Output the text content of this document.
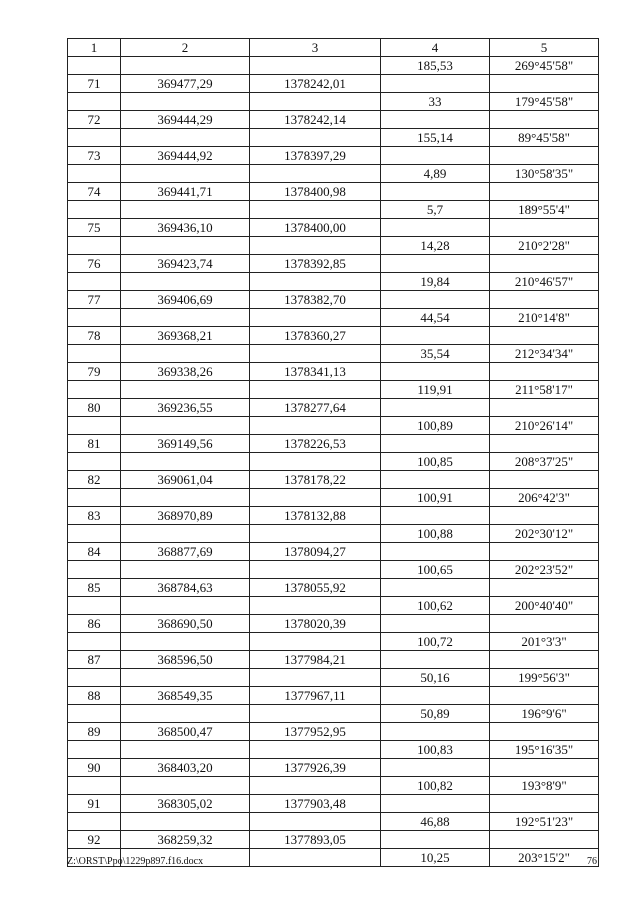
1	2	3	4	5
			185,53	269°45'58"
71	369477,29	1378242,01		
			33	179°45'58"
72	369444,29	1378242,14		
			155,14	89°45'58"
73	369444,92	1378397,29		
			4,89	130°58'35"
74	369441,71	1378400,98		
			5,7	189°55'4"
75	369436,10	1378400,00		
			14,28	210°2'28"
76	369423,74	1378392,85		
			19,84	210°46'57"
77	369406,69	1378382,70		
			44,54	210°14'8"
78	369368,21	1378360,27		
			35,54	212°34'34"
79	369338,26	1378341,13		
			119,91	211°58'17"
80	369236,55	1378277,64		
			100,89	210°26'14"
81	369149,56	1378226,53		
			100,85	208°37'25"
82	369061,04	1378178,22		
			100,91	206°42'3"
83	368970,89	1378132,88		
			100,88	202°30'12"
84	368877,69	1378094,27		
			100,65	202°23'52"
85	368784,63	1378055,92		
			100,62	200°40'40"
86	368690,50	1378020,39		
			100,72	201°3'3"
87	368596,50	1377984,21		
			50,16	199°56'3"
88	368549,35	1377967,11		
			50,89	196°9'6"
89	368500,47	1377952,95		
			100,83	195°16'35"
90	368403,20	1377926,39		
			100,82	193°8'9"
91	368305,02	1377903,48		
			46,88	192°51'23"
92	368259,32	1377893,05		
			10,25	203°15'2"
Z:\ORST\Ppo\1229p897.f16.docx	76
